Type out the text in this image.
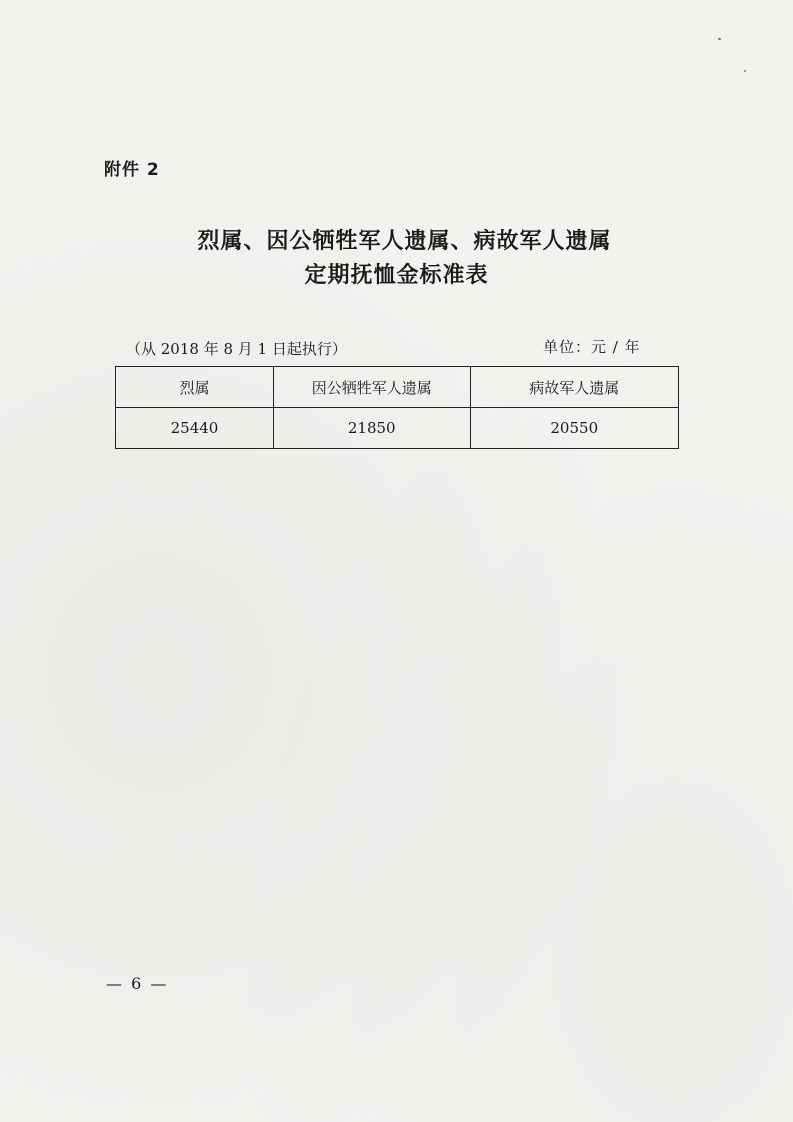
附件 2
烈属、因公牺牲军人遗属、病故军人遗属
定期抚恤金标准表
（从 2018 年 8 月 1 日起执行）	单位：元 / 年
烈属	因公牺牲军人遗属	病故军人遗属
25440	21850	20550
— 6 —
